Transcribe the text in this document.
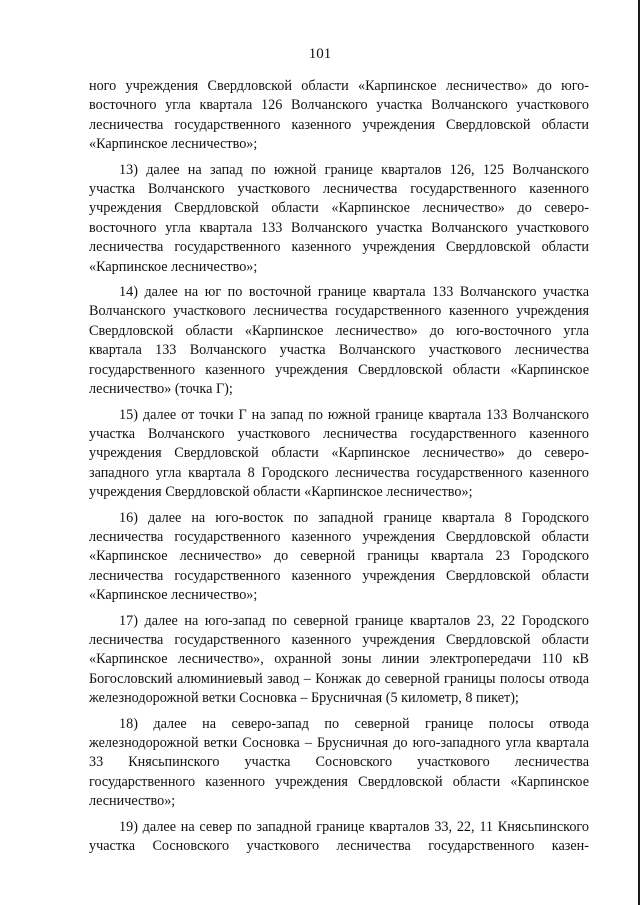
101

ного учреждения Свердловской области «Карпинское лесничество» до юго-восточного угла квартала 126 Волчанского участка Волчанского участкового лесничества государственного казенного учреждения Свердловской области «Карпинское лесничество»;

13) далее на запад по южной границе кварталов 126, 125 Волчанского участка Волчанского участкового лесничества государственного казенного учреждения Свердловской области «Карпинское лесничество» до северо-восточного угла квартала 133 Волчанского участка Волчанского участкового лесничества государственного казенного учреждения Свердловской области «Карпинское лесничество»;

14) далее на юг по восточной границе квартала 133 Волчанского участка Волчанского участкового лесничества государственного казенного учреждения Свердловской области «Карпинское лесничество» до юго-восточного угла квартала 133 Волчанского участка Волчанского участкового лесничества государственного казенного учреждения Свердловской области «Карпинское лесничество» (точка Г);

15) далее от точки Г на запад по южной границе квартала 133 Волчанского участка Волчанского участкового лесничества государственного казенного учреждения Свердловской области «Карпинское лесничество» до северо-западного угла квартала 8 Городского лесничества государственного казенного учреждения Свердловской области «Карпинское лесничество»;

16) далее на юго-восток по западной границе квартала 8 Городского лесничества государственного казенного учреждения Свердловской области «Карпинское лесничество» до северной границы квартала 23 Городского лесничества государственного казенного учреждения Свердловской области «Карпинское лесничество»;

17) далее на юго-запад по северной границе кварталов 23, 22 Городского лесничества государственного казенного учреждения Свердловской области «Карпинское лесничество», охранной зоны линии электропередачи 110 кВ Богословский алюминиевый завод – Конжак до северной границы полосы отвода железнодорожной ветки Сосновка – Брусничная (5 километр, 8 пикет);

18) далее на северо-запад по северной границе полосы отвода железнодорожной ветки Сосновка – Брусничная до юго-западного угла квартала 33 Княсьпинского участка Сосновского участкового лесничества государственного казенного учреждения Свердловской области «Карпинское лесничество»;

19) далее на север по западной границе кварталов 33, 22, 11 Княсьпинского участка Сосновского участкового лесничества государственного казен-
